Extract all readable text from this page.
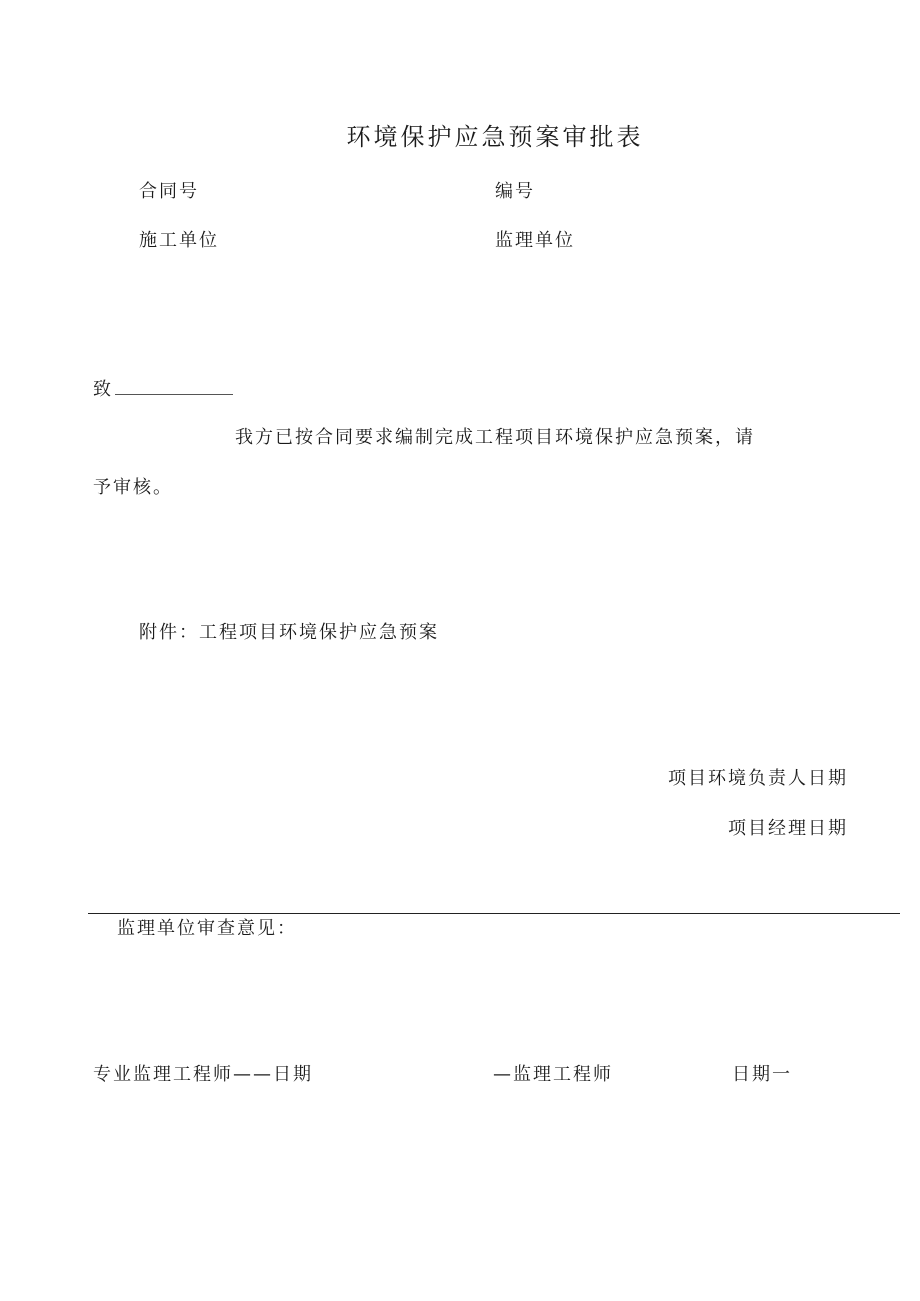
环境保护应急预案审批表
合同号	编号
施工单位	监理单位
致
我方已按合同要求编制完成工程项目环境保护应急预案，请
予审核。
附件：工程项目环境保护应急预案
项目环境负责人日期
项目经理日期
监理单位审查意见：
专业监理工程师——日期	—监理工程师	日期一
